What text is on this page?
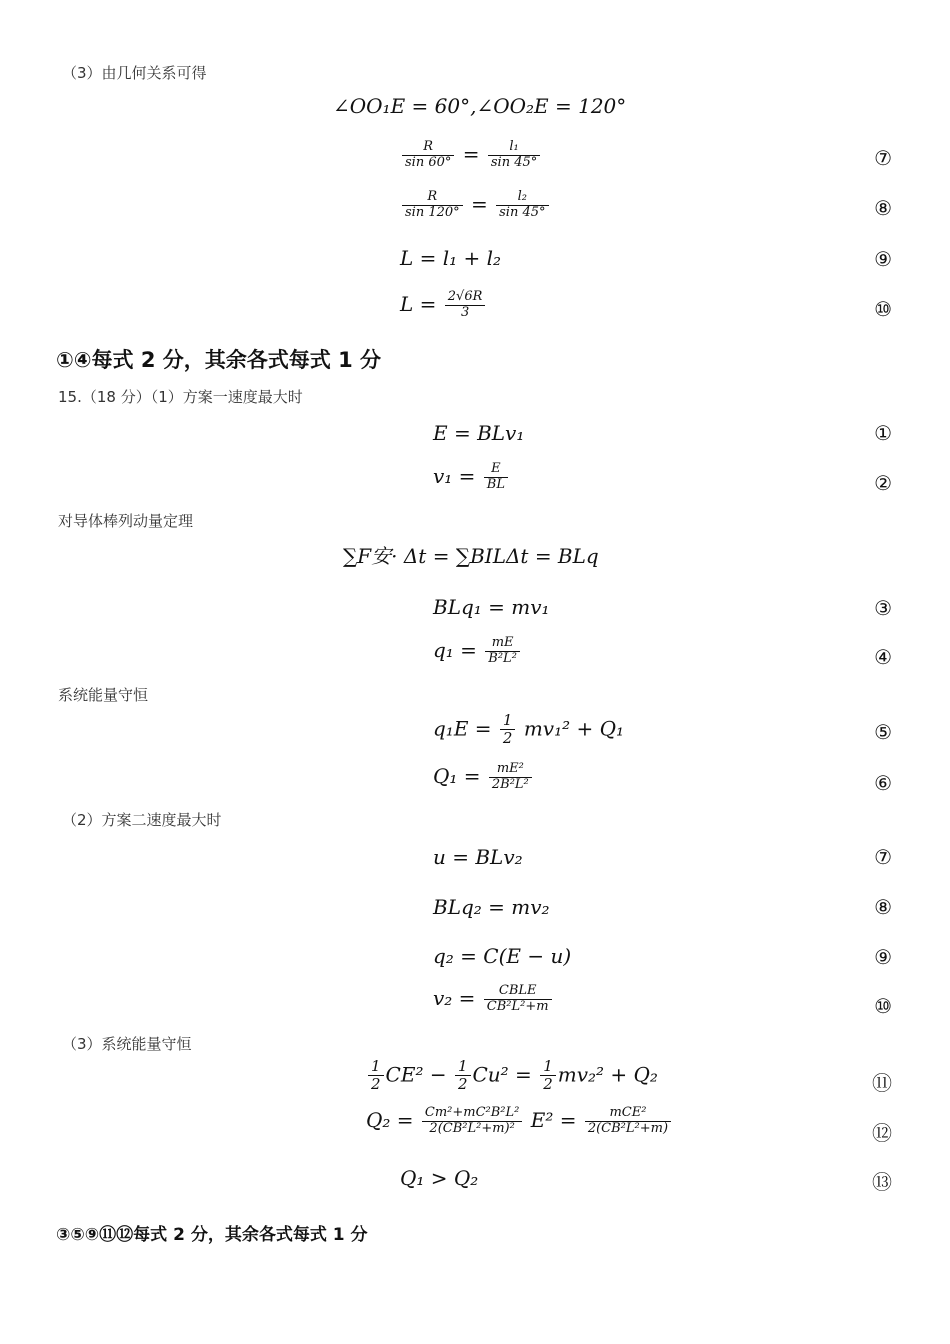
（3）由几何关系可得
∠OO₁E = 60°,∠OO₂E = 120°
$\frac{R}{\sin 60^\circ} = \frac{\text{l₁}}{\sin 45^\circ}$	⑦
$\frac{R}{\sin 120^\circ} = \frac{\text{l₂}}{\sin 45^\circ}$	⑧
L = l₁ + l₂	⑨
$L = \frac{2√6R}{3}$	⑩
①④每式 2 分，其余各式每式 1 分
15.（18 分）（1）方案一速度最大时
E = BLv₁	①
$v_1 = \frac{E}{BL}$	②
对导体棒列动量定理
∑F安· Δt = ∑BILΔt = BLq
BLq₁ = mv₁	③
$q_1 = \frac{mE}{\text{B²L²}}$	④
系统能量守恒
$q_1E = \frac{1}{2} mv_1^2 + Q_1$	⑤
$Q_1 = \frac{\text{mE²}}{\text{2B²L²}}$	⑥
（2）方案二速度最大时
u = BLv₂	⑦
BLq₂ = mv₂	⑧
q₂ = C(E − u)	⑨
$v_2 = \frac{\text{CBLE}}{\text{CB²L²+m}}$	⑩
（3）系统能量守恒
$\frac{1}{2} CE^2 - \frac{1}{2} Cu^2 = \frac{1}{2} mv_2^2 + Q_2$	⑪
$Q_2 = \frac{\text{Cm²+mC²B²L²}}{\text{2(CB²L²+m)²}} E^2 = \frac{\text{mCE²}}{\text{2(CB²L²+m)}}$	⑫
Q₁ > Q₂	⑬
③⑤⑨⑪⑫每式 2 分，其余各式每式 1 分
